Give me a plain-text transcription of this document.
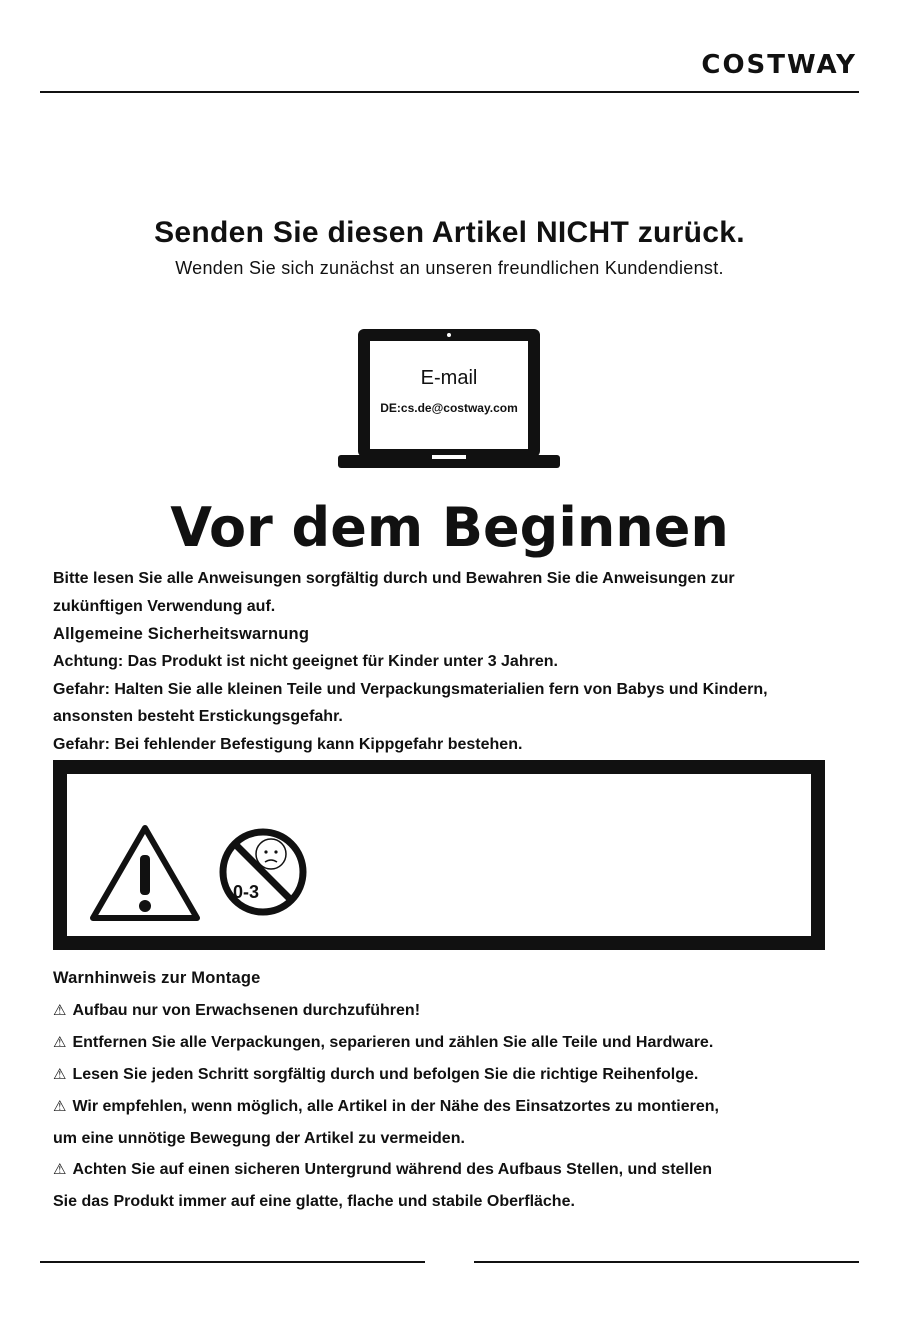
COSTWAY
Senden Sie diesen Artikel NICHT zurück.
Wenden Sie sich zunächst an unseren freundlichen Kundendienst.
E-mail
DE:cs.de@costway.com
Vor dem Beginnen
Bitte lesen Sie alle Anweisungen sorgfältig durch und Bewahren Sie die Anweisungen zur
zukünftigen Verwendung auf.
Allgemeine Sicherheitswarnung
Achtung: Das Produkt ist nicht geeignet für Kinder unter 3 Jahren.
Gefahr: Halten Sie alle kleinen Teile und Verpackungsmaterialien fern von Babys und Kindern,
ansonsten besteht Erstickungsgefahr.
Gefahr: Bei fehlender Befestigung kann Kippgefahr bestehen.
0-3
Warnhinweis zur Montage
⚠ Aufbau nur von Erwachsenen durchzuführen!
⚠ Entfernen Sie alle Verpackungen, separieren und zählen Sie alle Teile und Hardware.
⚠ Lesen Sie jeden Schritt sorgfältig durch und befolgen Sie die richtige Reihenfolge.
⚠ Wir empfehlen, wenn möglich, alle Artikel in der Nähe des Einsatzortes zu montieren,
um eine unnötige Bewegung der Artikel zu vermeiden.
⚠ Achten Sie auf einen sicheren Untergrund während des Aufbaus Stellen, und stellen
Sie das Produkt immer auf eine glatte, flache und stabile Oberfläche.
